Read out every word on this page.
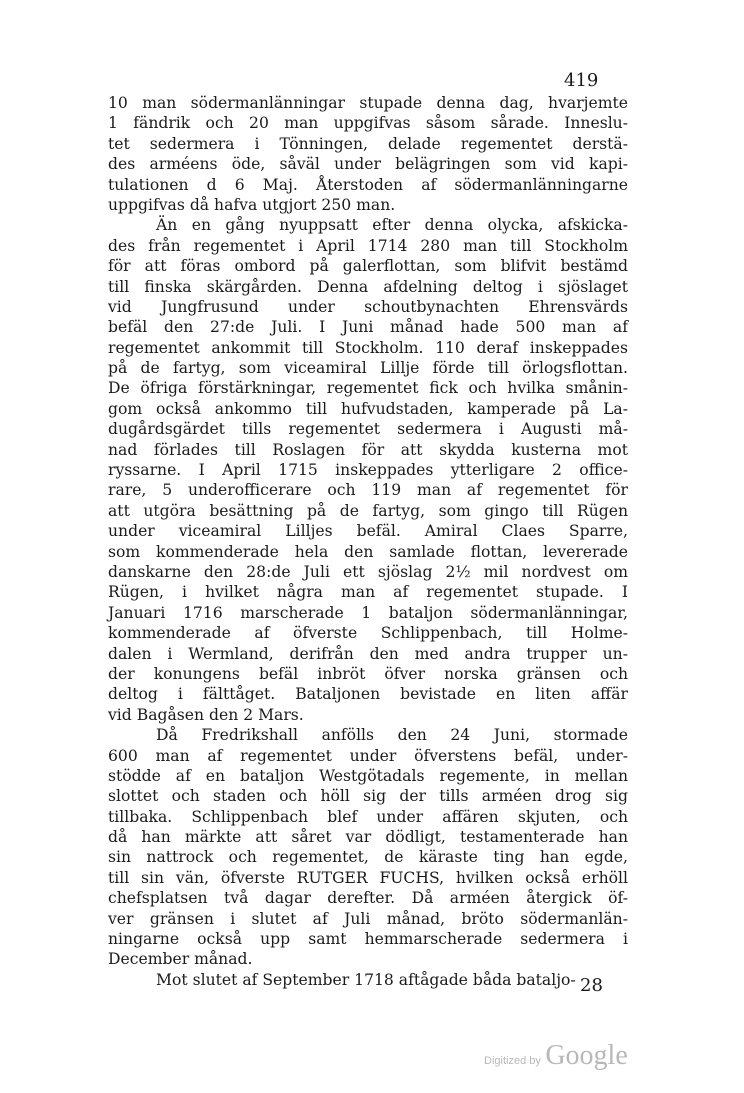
419
10 man södermanlänningar stupade denna dag, hvarjemte
1 fändrik och 20 man uppgifvas såsom sårade. Inneslu-
tet sedermera i Tönningen, delade regementet derstä-
des arméens öde, såväl under belägringen som vid kapi-
tulationen d 6 Maj. Återstoden af södermanlänningarne
uppgifvas då hafva utgjort 250 man.
Än en gång nyuppsatt efter denna olycka, afskicka-
des från regementet i April 1714 280 man till Stockholm
för att föras ombord på galerflottan, som blifvit bestämd
till finska skärgården. Denna afdelning deltog i sjöslaget
vid Jungfrusund under schoutbynachten Ehrensvärds
befäl den 27:de Juli. I Juni månad hade 500 man af
regementet ankommit till Stockholm. 110 deraf inskeppades
på de fartyg, som viceamiral Lillje förde till örlogsflottan.
De öfriga förstärkningar, regementet fick och hvilka smånin-
gom också ankommo till hufvudstaden, kamperade på La-
dugårdsgärdet tills regementet sedermera i Augusti må-
nad förlades till Roslagen för att skydda kusterna mot
ryssarne. I April 1715 inskeppades ytterligare 2 office-
rare, 5 underofficerare och 119 man af regementet för
att utgöra besättning på de fartyg, som gingo till Rügen
under viceamiral Lilljes befäl. Amiral Claes Sparre,
som kommenderade hela den samlade flottan, levererade
danskarne den 28:de Juli ett sjöslag 2½ mil nordvest om
Rügen, i hvilket några man af regementet stupade. I
Januari 1716 marscherade 1 bataljon södermanlänningar,
kommenderade af öfverste Schlippenbach, till Holme-
dalen i Wermland, derifrån den med andra trupper un-
der konungens befäl inbröt öfver norska gränsen och
deltog i fälttåget. Bataljonen bevistade en liten affär
vid Bagåsen den 2 Mars.
Då Fredrikshall anfölls den 24 Juni, stormade
600 man af regementet under öfverstens befäl, under-
stödde af en bataljon Westgötadals regemente, in mellan
slottet och staden och höll sig der tills arméen drog sig
tillbaka. Schlippenbach blef under affären skjuten, och
då han märkte att såret var dödligt, testamenterade han
sin nattrock och regementet, de käraste ting han egde,
till sin vän, öfverste RUTGER FUCHS, hvilken också erhöll
chefsplatsen två dagar derefter. Då arméen återgick öf-
ver gränsen i slutet af Juli månad, bröto södermanlän-
ningarne också upp samt hemmarscherade sedermera i
December månad.
Mot slutet af September 1718 aftågade båda bataljo- 28
Digitized by Google
